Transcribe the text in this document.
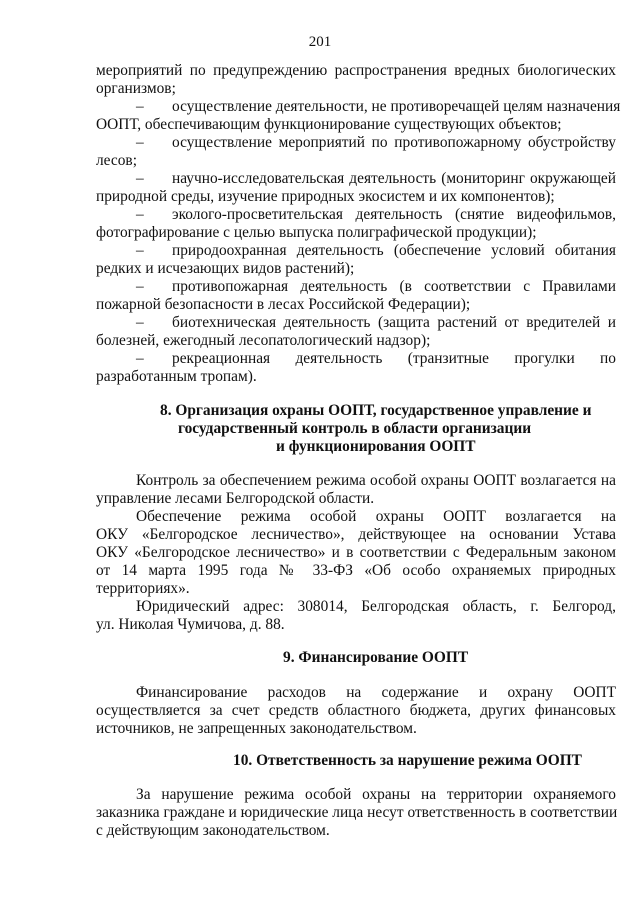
201
мероприятий по предупреждению распространения вредных биологических
организмов;
– осуществление деятельности, не противоречащей целям назначения
ООПТ, обеспечивающим функционирование существующих объектов;
– осуществление мероприятий по противопожарному обустройству
лесов;
– научно-исследовательская деятельность (мониторинг окружающей
природной среды, изучение природных экосистем и их компонентов);
– эколого-просветительская деятельность (снятие видеофильмов,
фотографирование с целью выпуска полиграфической продукции);
– природоохранная деятельность (обеспечение условий обитания
редких и исчезающих видов растений);
– противопожарная деятельность (в соответствии с Правилами
пожарной безопасности в лесах Российской Федерации);
– биотехническая деятельность (защита растений от вредителей и
болезней, ежегодный лесопатологический надзор);
– рекреационная деятельность (транзитные прогулки по
разработанным тропам).
8. Организация охраны ООПТ, государственное управление и
государственный контроль в области организации
и функционирования ООПТ
Контроль за обеспечением режима особой охраны ООПТ возлагается на
управление лесами Белгородской области.
Обеспечение режима особой охраны ООПТ возлагается на
ОКУ «Белгородское лесничество», действующее на основании Устава
ОКУ «Белгородское лесничество» и в соответствии с Федеральным законом
от 14 марта 1995 года № 33-ФЗ «Об особо охраняемых природных
территориях».
Юридический адрес: 308014, Белгородская область, г. Белгород,
ул. Николая Чумичова, д. 88.
9. Финансирование ООПТ
Финансирование расходов на содержание и охрану ООПТ
осуществляется за счет средств областного бюджета, других финансовых
источников, не запрещенных законодательством.
10. Ответственность за нарушение режима ООПТ
За нарушение режима особой охраны на территории охраняемого
заказника граждане и юридические лица несут ответственность в соответствии
с действующим законодательством.
